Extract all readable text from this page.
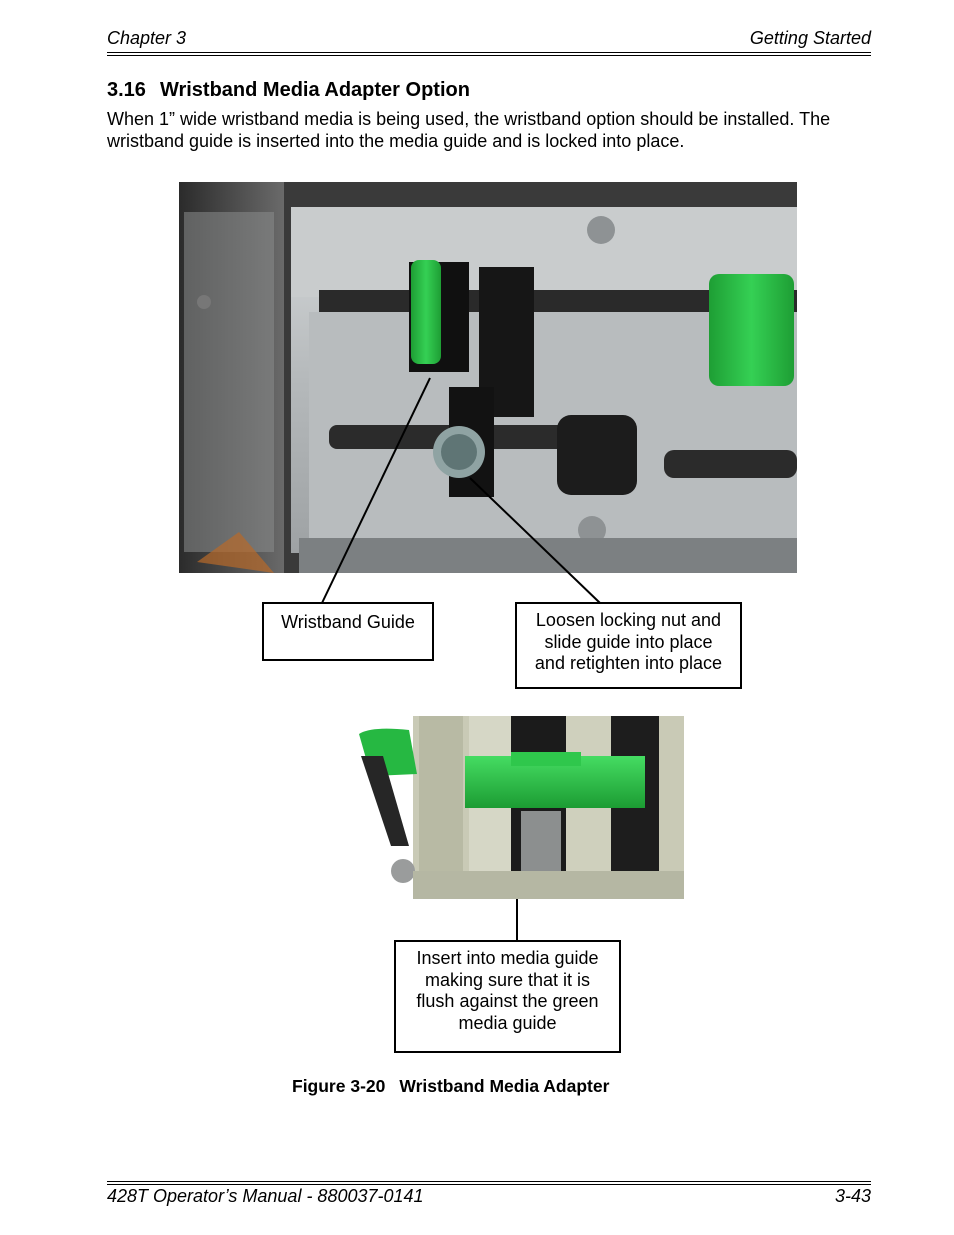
Chapter 3	Getting Started
3.16 Wristband Media Adapter Option
When 1” wide wristband media is being used, the wristband option should be installed. The wristband guide is inserted into the media guide and is locked into place.
Wristband Guide	Loosen locking nut and
slide guide into place
and retighten into place
Insert into media guide
making sure that it is
flush against the green
media guide
Figure 3-20 Wristband Media Adapter
428T Operator’s Manual - 880037-0141	3-43
